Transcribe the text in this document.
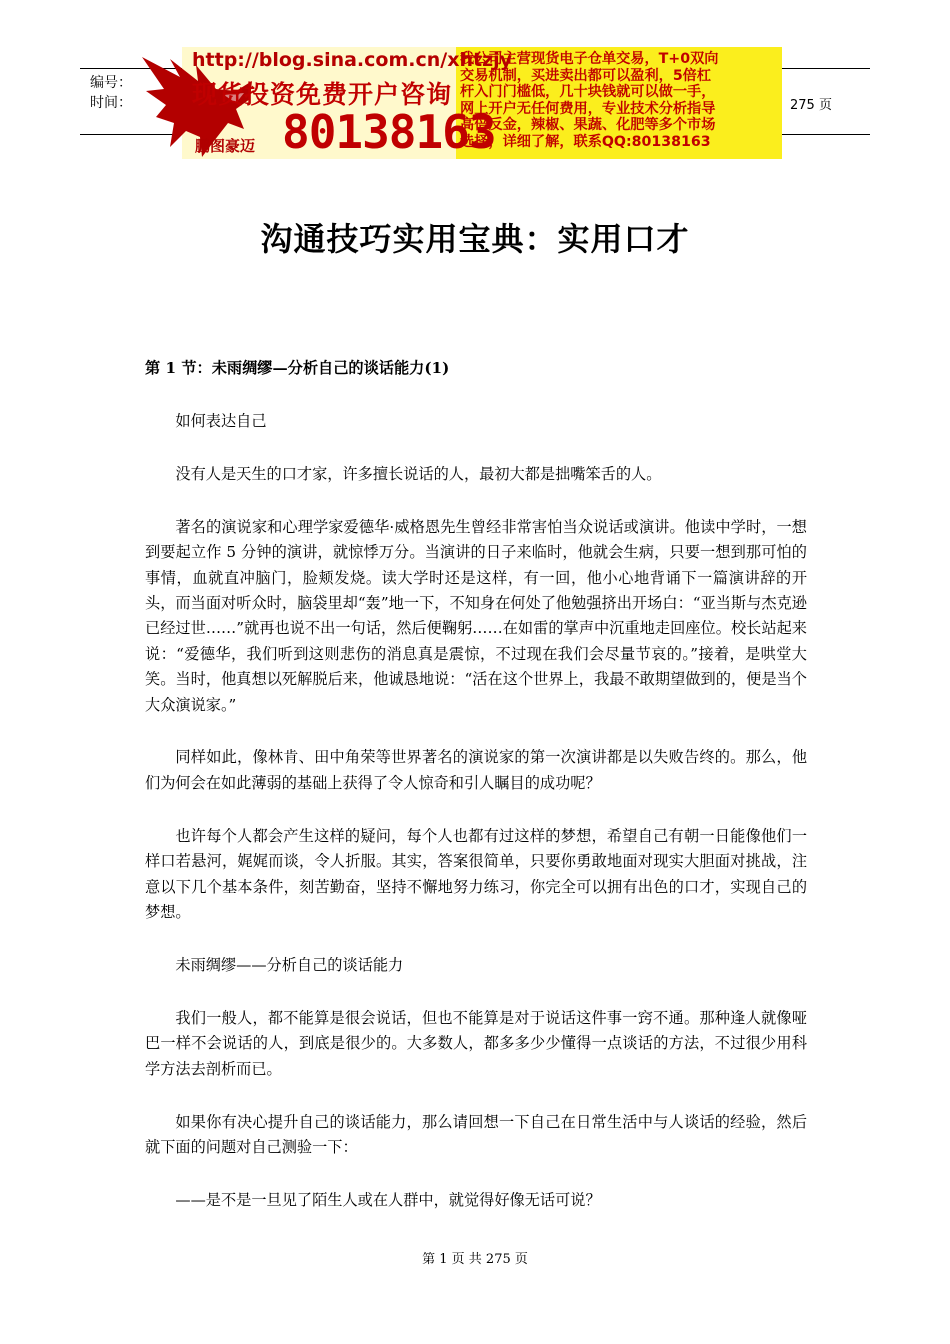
编号：
时间：	275 页
http://blog.sina.com.cn/xhtzjy
现货投资免费开户咨询
80138163
鹏图豪迈
我公司主营现货电子仓单交易，T+0双向
交易机制，买进卖出都可以盈利，5倍杠
杆入门门槛低，几十块钱就可以做一手，
网上开户无任何费用，专业技术分析指导
高倍反金，辣椒、果蔬、化肥等多个市场
选择，详细了解，联系QQ:80138163
沟通技巧实用宝典：实用口才

第 1 节：未雨绸缪—分析自己的谈话能力(1)

如何表达自己

没有人是天生的口才家，许多擅长说话的人，最初大都是拙嘴笨舌的人。

著名的演说家和心理学家爱德华·威格恩先生曾经非常害怕当众说话或演讲。他读中学时，一想到要起立作 5 分钟的演讲，就惊悸万分。当演讲的日子来临时，他就会生病，只要一想到那可怕的事情，血就直冲脑门，脸颊发烧。读大学时还是这样，有一回，他小心地背诵下一篇演讲辞的开头，而当面对听众时，脑袋里却“轰”地一下，不知身在何处了他勉强挤出开场白：“亚当斯与杰克逊已经过世……”就再也说不出一句话，然后便鞠躬……在如雷的掌声中沉重地走回座位。校长站起来说：“爱德华，我们听到这则悲伤的消息真是震惊，不过现在我们会尽量节哀的。”接着，是哄堂大笑。当时，他真想以死解脱后来，他诚恳地说：“活在这个世界上，我最不敢期望做到的，便是当个大众演说家。”

同样如此，像林肯、田中角荣等世界著名的演说家的第一次演讲都是以失败告终的。那么，他们为何会在如此薄弱的基础上获得了令人惊奇和引人瞩目的成功呢？

也许每个人都会产生这样的疑问，每个人也都有过这样的梦想，希望自己有朝一日能像他们一样口若悬河，娓娓而谈，令人折服。其实，答案很简单，只要你勇敢地面对现实大胆面对挑战，注意以下几个基本条件，刻苦勤奋，坚持不懈地努力练习，你完全可以拥有出色的口才，实现自己的梦想。

未雨绸缪——分析自己的谈话能力

我们一般人，都不能算是很会说话，但也不能算是对于说话这件事一窍不通。那种逢人就像哑巴一样不会说话的人，到底是很少的。大多数人，都多多少少懂得一点谈话的方法，不过很少用科学方法去剖析而已。

如果你有决心提升自己的谈话能力，那么请回想一下自己在日常生活中与人谈话的经验，然后就下面的问题对自己测验一下：

——是不是一旦见了陌生人或在人群中，就觉得好像无话可说？

第 1 页 共 275 页
